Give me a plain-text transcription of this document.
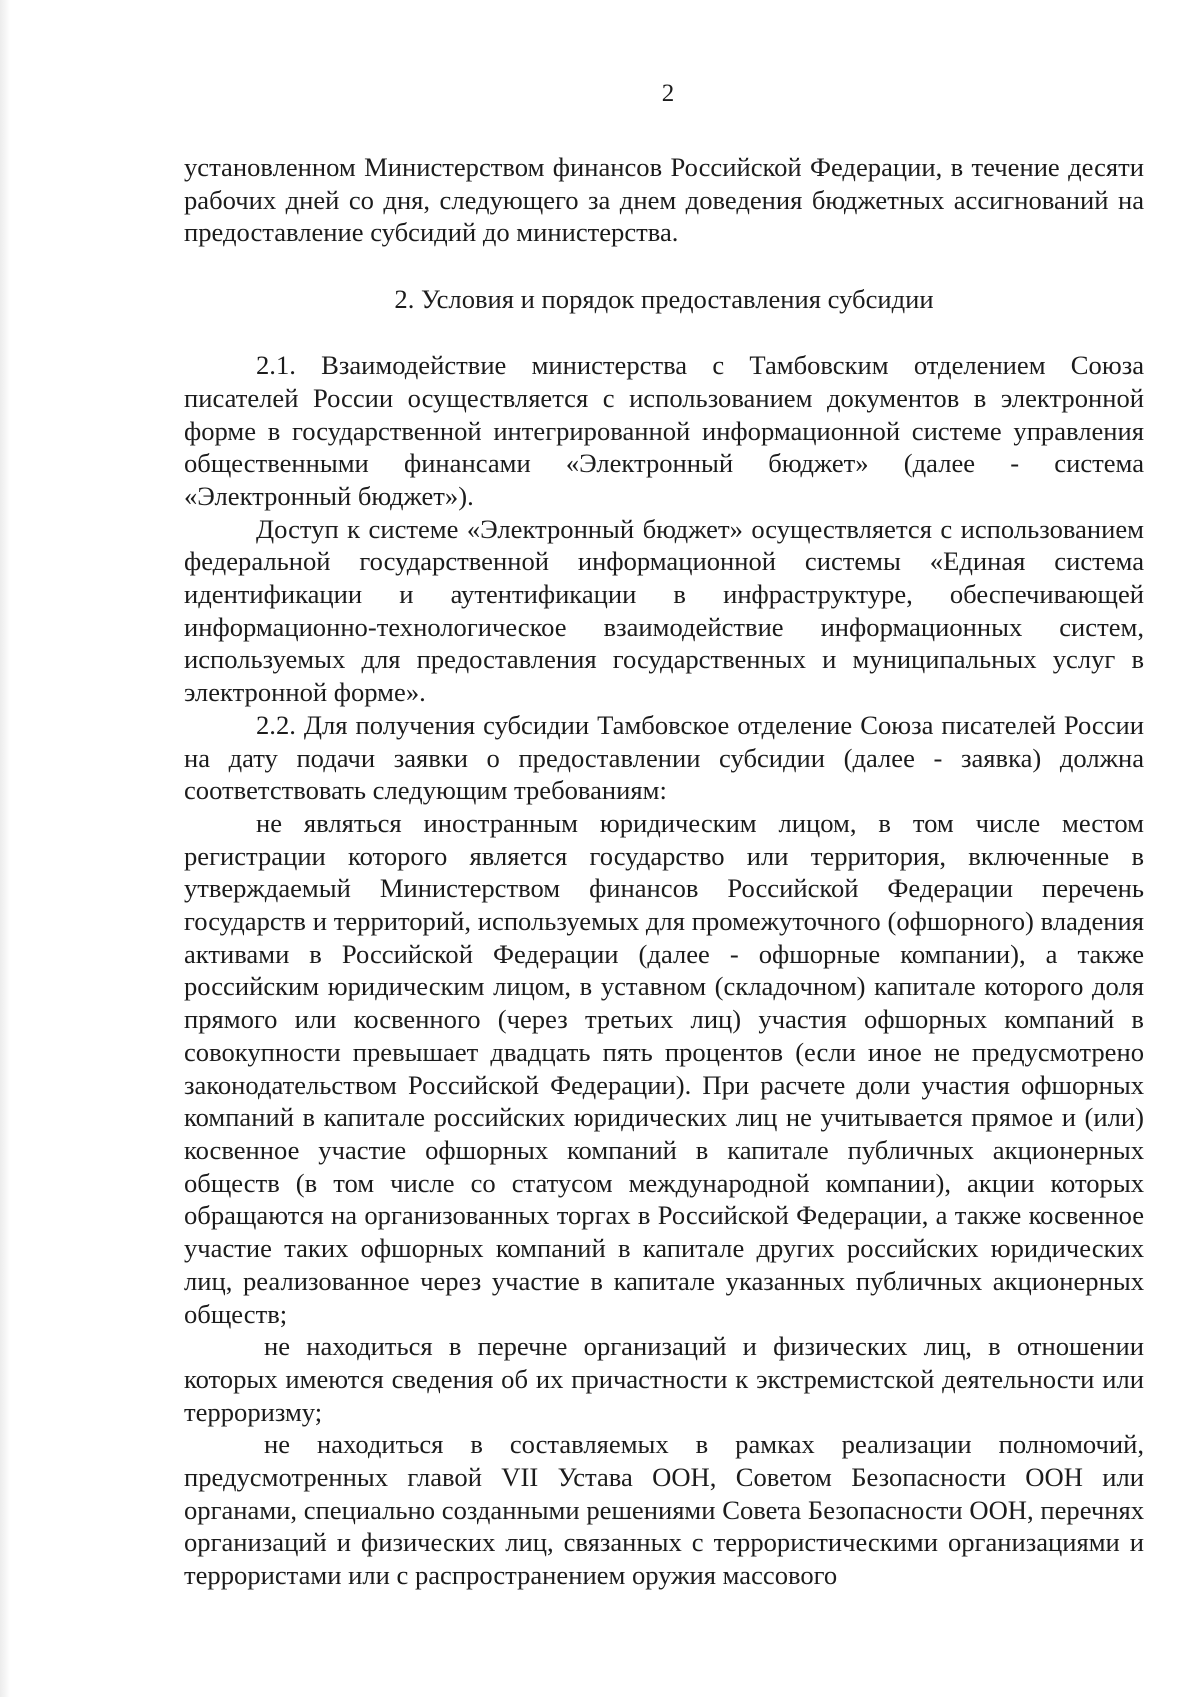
2

установленном Министерством финансов Российской Федерации, в течение десяти рабочих дней со дня, следующего за днем доведения бюджетных ассигнований на предоставление субсидий до министерства.

2. Условия и порядок предоставления субсидии

2.1. Взаимодействие министерства с Тамбовским отделением Союза писателей России осуществляется с использованием документов в электронной форме в государственной интегрированной информационной системе управления общественными финансами «Электронный бюджет» (далее - система «Электронный бюджет»).

Доступ к системе «Электронный бюджет» осуществляется с использованием федеральной государственной информационной системы «Единая система идентификации и аутентификации в инфраструктуре, обеспечивающей информационно-технологическое взаимодействие информационных систем, используемых для предоставления государственных и муниципальных услуг в электронной форме».

2.2. Для получения субсидии Тамбовское отделение Союза писателей России на дату подачи заявки о предоставлении субсидии (далее - заявка) должна соответствовать следующим требованиям:

не являться иностранным юридическим лицом, в том числе местом регистрации которого является государство или территория, включенные в утверждаемый Министерством финансов Российской Федерации перечень государств и территорий, используемых для промежуточного (офшорного) владения активами в Российской Федерации (далее - офшорные компании), а также российским юридическим лицом, в уставном (складочном) капитале которого доля прямого или косвенного (через третьих лиц) участия офшорных компаний в совокупности превышает двадцать пять процентов (если иное не предусмотрено законодательством Российской Федерации). При расчете доли участия офшорных компаний в капитале российских юридических лиц не учитывается прямое и (или) косвенное участие офшорных компаний в капитале публичных акционерных обществ (в том числе со статусом международной компании), акции которых обращаются на организованных торгах в Российской Федерации, а также косвенное участие таких офшорных компаний в капитале других российских юридических лиц, реализованное через участие в капитале указанных публичных акционерных обществ;

не находиться в перечне организаций и физических лиц, в отношении которых имеются сведения об их причастности к экстремистской деятельности или терроризму;

не находиться в составляемых в рамках реализации полномочий, предусмотренных главой VII Устава ООН, Советом Безопасности ООН или органами, специально созданными решениями Совета Безопасности ООН, перечнях организаций и физических лиц, связанных с террористическими организациями и террористами или с распространением оружия массового
